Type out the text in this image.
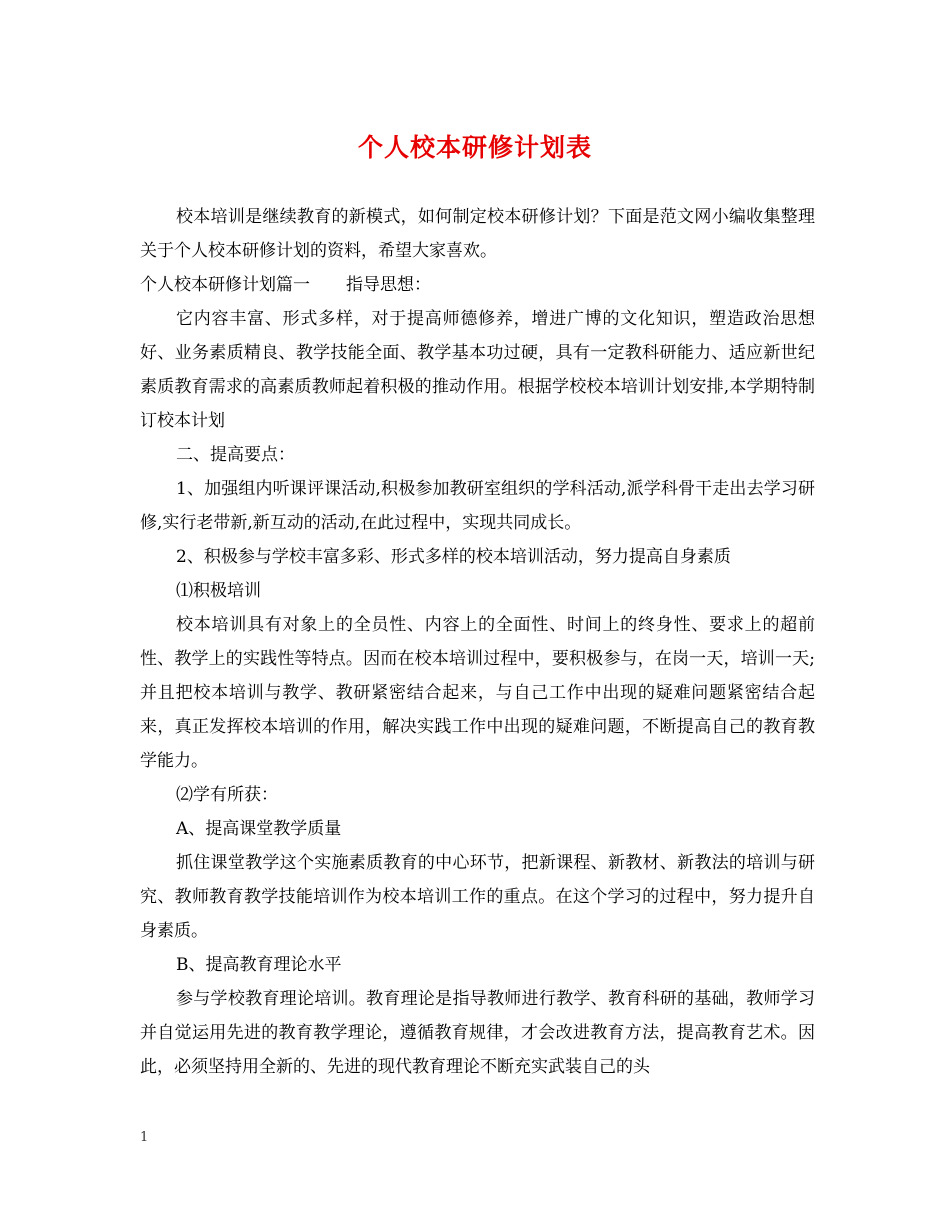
个人校本研修计划表

校本培训是继续教育的新模式，如何制定校本研修计划？下面是范文网小编收集整理关于个人校本研修计划的资料，希望大家喜欢。

个人校本研修计划篇一 指导思想：

它内容丰富、形式多样，对于提高师德修养，增进广博的文化知识，塑造政治思想好、业务素质精良、教学技能全面、教学基本功过硬，具有一定教科研能力、适应新世纪素质教育需求的高素质教师起着积极的推动作用。根据学校校本培训计划安排,本学期特制订校本计划

二、提高要点：

1、加强组内听课评课活动,积极参加教研室组织的学科活动,派学科骨干走出去学习研修,实行老带新,新互动的活动,在此过程中，实现共同成长。

2、积极参与学校丰富多彩、形式多样的校本培训活动，努力提高自身素质

⑴积极培训

校本培训具有对象上的全员性、内容上的全面性、时间上的终身性、要求上的超前性、教学上的实践性等特点。因而在校本培训过程中，要积极参与，在岗一天，培训一天;并且把校本培训与教学、教研紧密结合起来，与自己工作中出现的疑难问题紧密结合起来，真正发挥校本培训的作用，解决实践工作中出现的疑难问题，不断提高自己的教育教学能力。

⑵学有所获：

A、提高课堂教学质量

抓住课堂教学这个实施素质教育的中心环节，把新课程、新教材、新教法的培训与研究、教师教育教学技能培训作为校本培训工作的重点。在这个学习的过程中，努力提升自身素质。

B、提高教育理论水平

参与学校教育理论培训。教育理论是指导教师进行教学、教育科研的基础，教师学习并自觉运用先进的教育教学理论，遵循教育规律，才会改进教育方法，提高教育艺术。因此，必须坚持用全新的、先进的现代教育理论不断充实武装自己的头

1
